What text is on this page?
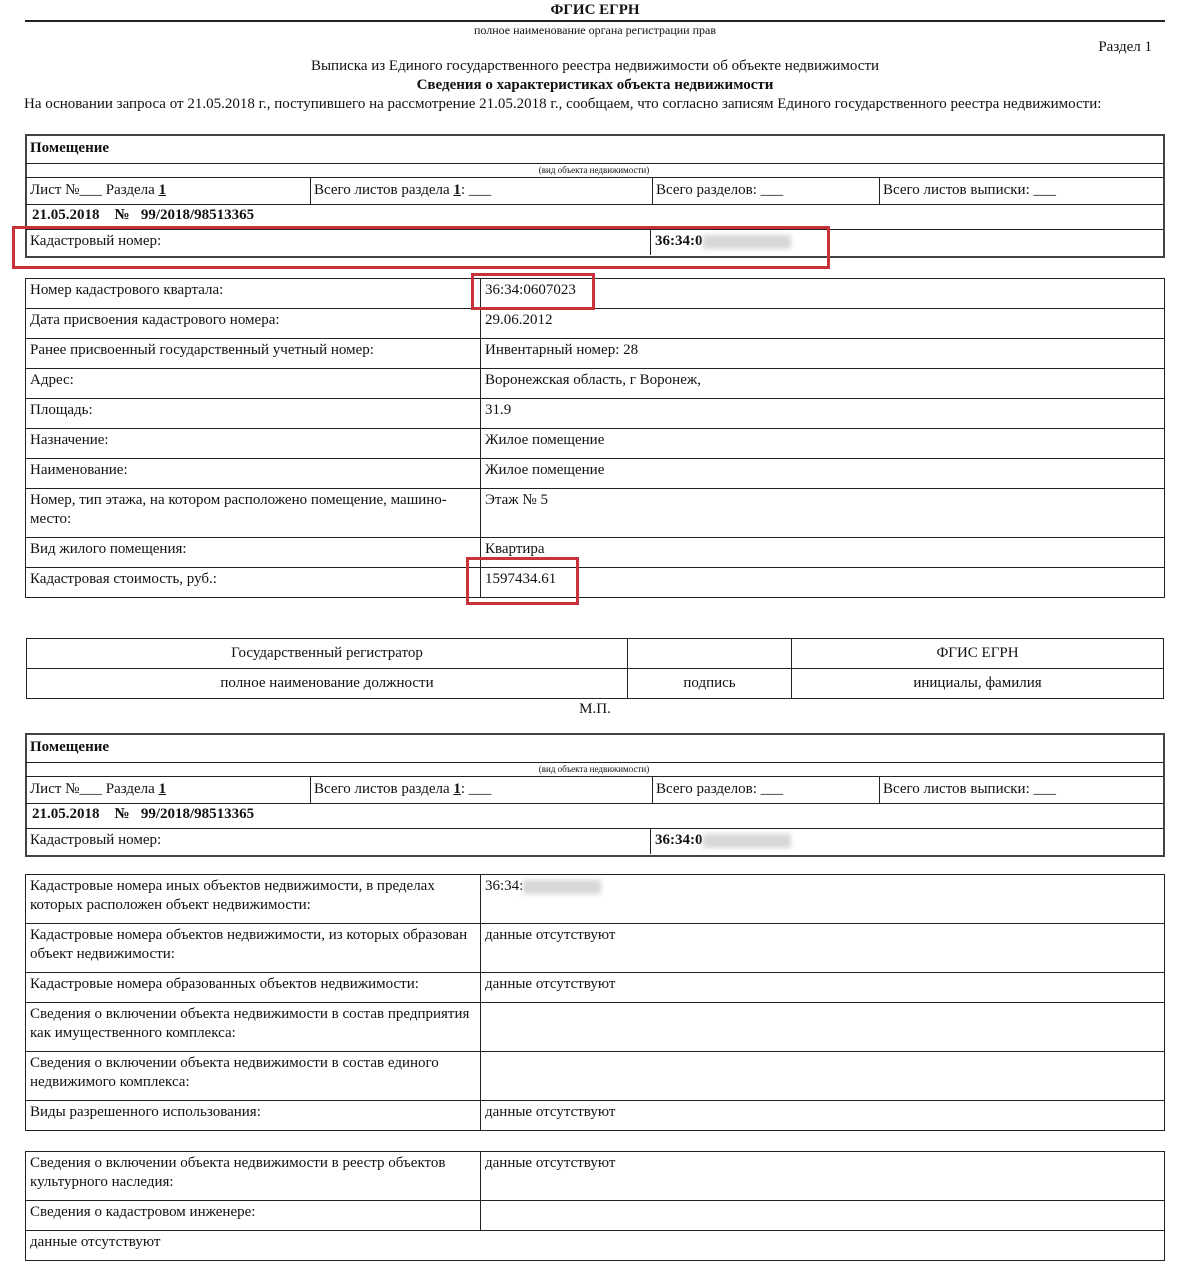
ФГИС ЕГРН
полное наименование органа регистрации прав
Раздел 1
Выписка из Единого государственного реестра недвижимости об объекте недвижимости
Сведения о характеристиках объекта недвижимости
На основании запроса от 21.05.2018 г., поступившего на рассмотрение 21.05.2018 г., сообщаем, что согласно записям Единого государственного реестра недвижимости:
Помещение
(вид объекта недвижимости)
Лист №___ Раздела 1	Всего листов раздела 1: ___	Всего разделов: ___	Всего листов выписки: ___
21.05.2018 № 99/2018/98513365
Кадастровый номер:	36:34:0
Номер кадастрового квартала:	36:34:0607023
Дата присвоения кадастрового номера:	29.06.2012
Ранее присвоенный государственный учетный номер:	Инвентарный номер: 28
Адрес:	Воронежская область, г Воронеж,
Площадь:	31.9
Назначение:	Жилое помещение
Наименование:	Жилое помещение
Номер, тип этажа, на котором расположено помещение, машино-место:	Этаж № 5
Вид жилого помещения:	Квартира
Кадастровая стоимость, руб.:	1597434.61
Государственный регистратор		ФГИС ЕГРН
полное наименование должности	подпись	инициалы, фамилия
М.П.
Помещение
(вид объекта недвижимости)
Лист №___ Раздела 1	Всего листов раздела 1: ___	Всего разделов: ___	Всего листов выписки: ___
21.05.2018 № 99/2018/98513365
Кадастровый номер:	36:34:0
Кадастровые номера иных объектов недвижимости, в пределах которых расположен объект недвижимости:	36:34:
Кадастровые номера объектов недвижимости, из которых образован объект недвижимости:	данные отсутствуют
Кадастровые номера образованных объектов недвижимости:	данные отсутствуют
Сведения о включении объекта недвижимости в состав предприятия как имущественного комплекса:	
Сведения о включении объекта недвижимости в состав единого недвижимого комплекса:	
Виды разрешенного использования:	данные отсутствуют
Сведения о включении объекта недвижимости в реестр объектов культурного наследия:	данные отсутствуют
Сведения о кадастровом инженере:	
данные отсутствуют	
